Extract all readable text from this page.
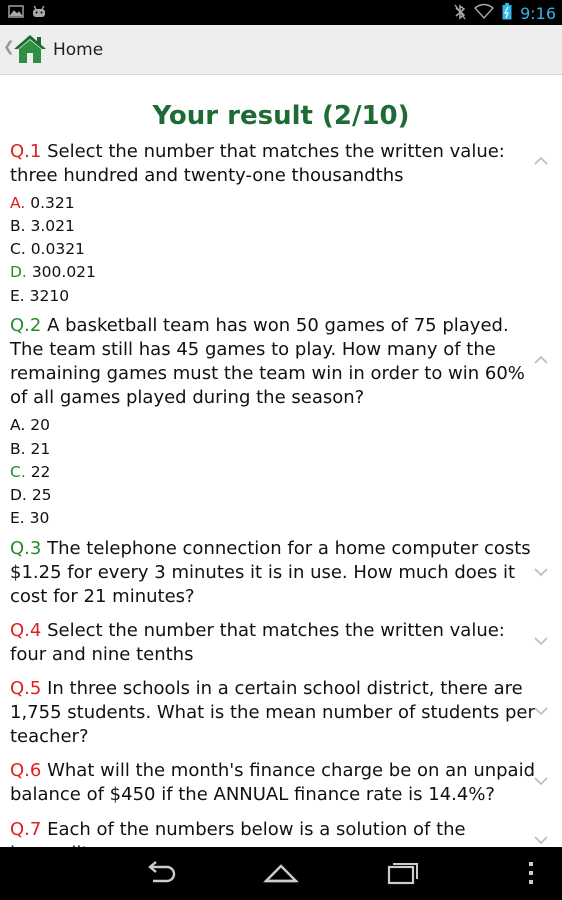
9:16
❮ Home
Your result (2/10)
Q.1 Select the number that matches the written value: three hundred and twenty-one thousandths
A. 0.321
B. 3.021
C. 0.0321
D. 300.021
E. 3210
Q.2 A basketball team has won 50 games of 75 played. The team still has 45 games to play. How many of the remaining games must the team win in order to win 60% of all games played during the season?
A. 20
B. 21
C. 22
D. 25
E. 30
Q.3 The telephone connection for a home computer costs $1.25 for every 3 minutes it is in use. How much does it cost for 21 minutes?
Q.4 Select the number that matches the written value: four and nine tenths
Q.5 In three schools in a certain school district, there are 1,755 students. What is the mean number of students per teacher?
Q.6 What will the month's finance charge be on an unpaid balance of $450 if the ANNUAL finance rate is 14.4%?
Q.7 Each of the numbers below is a solution of the
